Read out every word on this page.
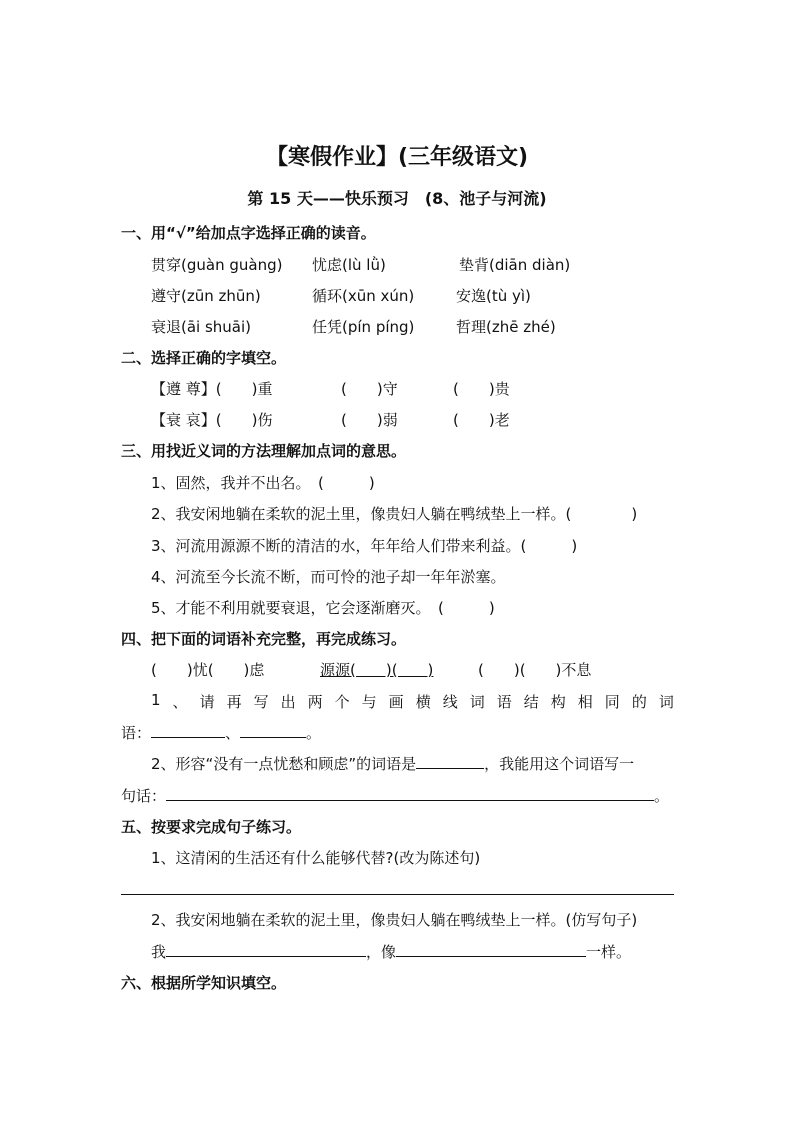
【寒假作业】(三年级语文)
第 15 天——快乐预习　(8、池子与河流)
一、用“√”给加点字选择正确的读音。
贯穿(guàn guàng) 忧虑(lù lǜ)	垫背(diān diàn)
遵守(zūn zhūn)	循环(xūn xún)	安逸(tù yì)
衰退(āi shuāi)	任凭(pín píng)	哲理(zhē zhé)
二、选择正确的字填空。
【遵 尊】(　　)重	(　　)守	(　　)贵
【衰 哀】(　　)伤	(　　)弱	(　　)老
三、用找近义词的方法理解加点词的意思。
1、固然，我并不出名。　(　　　)
2、我安闲地躺在柔软的泥土里，像贵妇人躺在鸭绒垫上一样。(　　　　)
3、河流用源源不断的清洁的水，年年给人们带来利益。(　　　)
4、河流至今长流不断，而可怜的池子却一年年淤塞。
5、才能不利用就要衰退，它会逐渐磨灭。　(　　　)
四、把下面的词语补充完整，再完成练习。
(　　)忧(　　)虑	源源(　　)(　　)	(　　)(　　)不息
1 、 请 再 写 出 两 个 与 画 横 线 词 语 结 构 相 同 的 词
语：	、	。
2、形容“没有一点忧愁和顾虑”的词语是	，我能用这个词语写一
句话：	。
五、按要求完成句子练习。
1、这清闲的生活还有什么能够代替?(改为陈述句)
2、我安闲地躺在柔软的泥土里，像贵妇人躺在鸭绒垫上一样。(仿写句子)
我	，像	一样。
六、根据所学知识填空。
